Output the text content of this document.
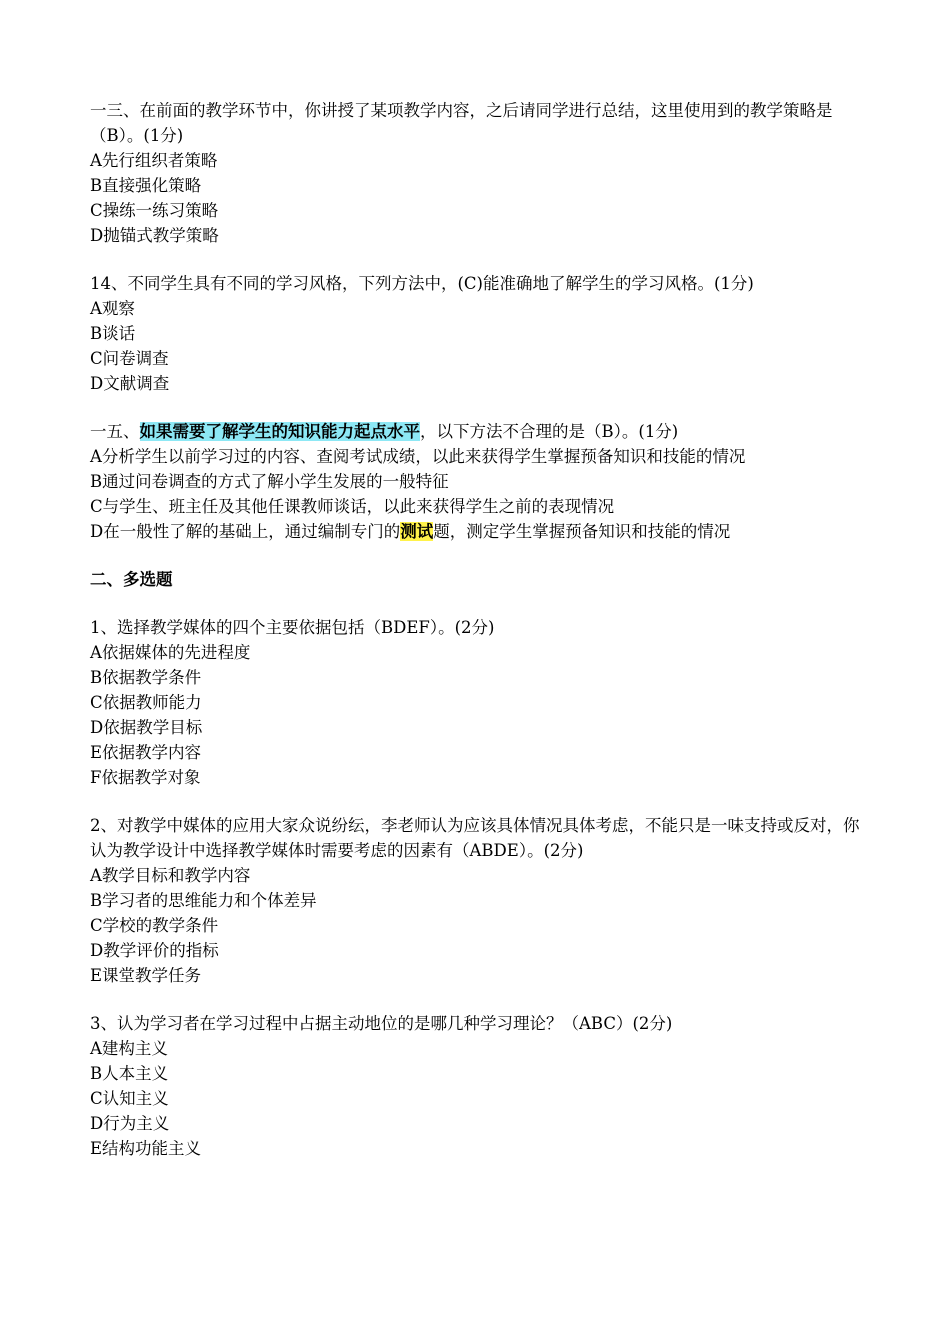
一三、在前面的教学环节中，你讲授了某项教学内容，之后请同学进行总结，这里使用到的教学策略是（B）。(1分)
A先行组织者策略
B直接强化策略
C操练一练习策略
D抛锚式教学策略
14、不同学生具有不同的学习风格，下列方法中，(C)能准确地了解学生的学习风格。(1分)
A观察
B谈话
C问卷调查
D文献调查
一五、如果需要了解学生的知识能力起点水平，以下方法不合理的是（B）。(1分)
A分析学生以前学习过的内容、查阅考试成绩，以此来获得学生掌握预备知识和技能的情况
B通过问卷调查的方式了解小学生发展的一般特征
C与学生、班主任及其他任课教师谈话，以此来获得学生之前的表现情况
D在一般性了解的基础上，通过编制专门的测试题，测定学生掌握预备知识和技能的情况
二、多选题
1、选择教学媒体的四个主要依据包括（BDEF）。(2分)
A依据媒体的先进程度
B依据教学条件
C依据教师能力
D依据教学目标
E依据教学内容
F依据教学对象
2、对教学中媒体的应用大家众说纷纭，李老师认为应该具体情况具体考虑，不能只是一味支持或反对，你认为教学设计中选择教学媒体时需要考虑的因素有（ABDE）。(2分)
A教学目标和教学内容
B学习者的思维能力和个体差异
C学校的教学条件
D教学评价的指标
E课堂教学任务
3、认为学习者在学习过程中占据主动地位的是哪几种学习理论？（ABC）(2分)
A建构主义
B人本主义
C认知主义
D行为主义
E结构功能主义
